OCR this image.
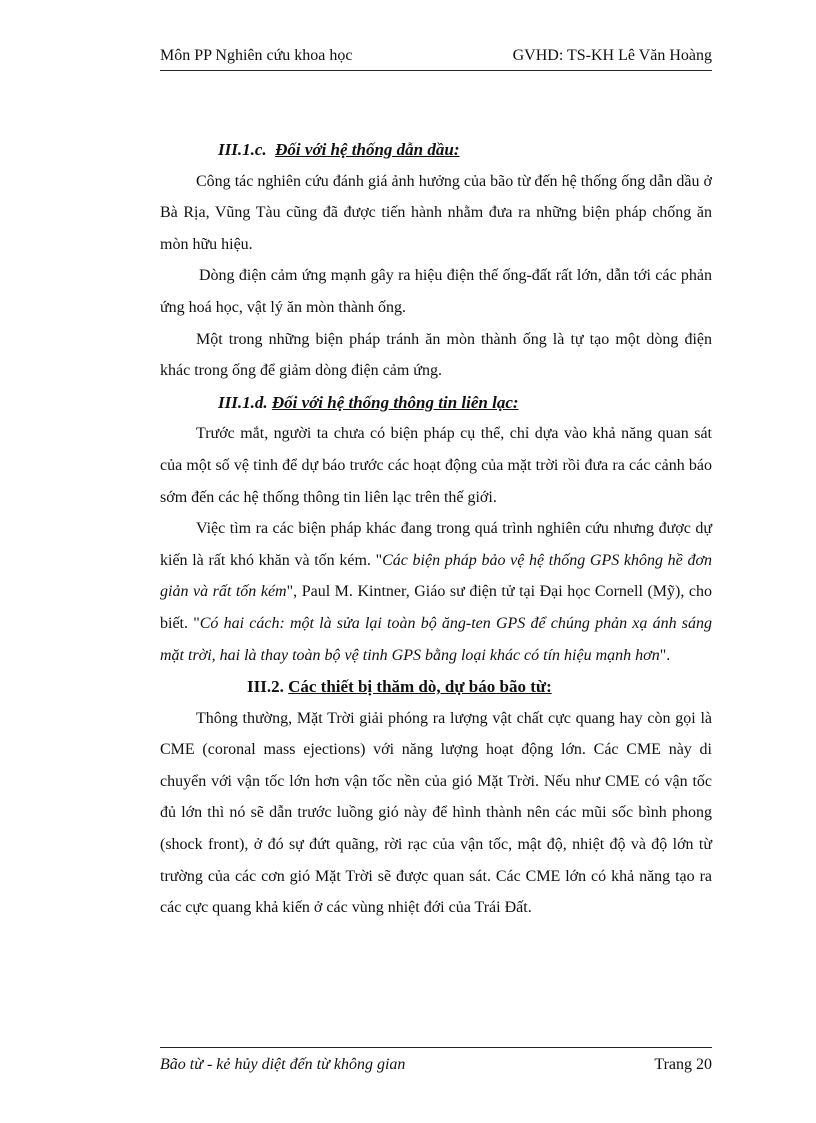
Môn PP Nghiên cứu khoa học	GVHD: TS-KH Lê Văn Hoàng

III.1.c. Đối với hệ thống dẫn dầu:

Công tác nghiên cứu đánh giá ảnh hưởng của bão từ đến hệ thống ống dẫn dầu ở Bà Rịa, Vũng Tàu cũng đã được tiến hành nhằm đưa ra những biện pháp chống ăn mòn hữu hiệu.

Dòng điện cảm ứng mạnh gây ra hiệu điện thế ống-đất rất lớn, dẫn tới các phản ứng hoá học, vật lý ăn mòn thành ống.

Một trong những biện pháp tránh ăn mòn thành ống là tự tạo một dòng điện khác trong ống để giảm dòng điện cảm ứng.

III.1.d. Đối với hệ thống thông tin liên lạc:

Trước mắt, người ta chưa có biện pháp cụ thể, chỉ dựa vào khả năng quan sát của một số vệ tinh để dự báo trước các hoạt động của mặt trời rồi đưa ra các cảnh báo sớm đến các hệ thống thông tin liên lạc trên thế giới.

Việc tìm ra các biện pháp khác đang trong quá trình nghiên cứu nhưng được dự kiến là rất khó khăn và tốn kém. "Các biện pháp bảo vệ hệ thống GPS không hề đơn giản và rất tốn kém", Paul M. Kintner, Giáo sư điện tử tại Đại học Cornell (Mỹ), cho biết. "Có hai cách: một là sửa lại toàn bộ ăng-ten GPS để chúng phản xạ ánh sáng mặt trời, hai là thay toàn bộ vệ tinh GPS bằng loại khác có tín hiệu mạnh hơn".

III.2. Các thiết bị thăm dò, dự báo bão từ:

Thông thường, Mặt Trời giải phóng ra lượng vật chất cực quang hay còn gọi là CME (coronal mass ejections) với năng lượng hoạt động lớn. Các CME này di chuyển với vận tốc lớn hơn vận tốc nền của gió Mặt Trời. Nếu như CME có vận tốc đủ lớn thì nó sẽ dẫn trước luồng gió này để hình thành nên các mũi sốc bình phong (shock front), ở đó sự đứt quãng, rời rạc của vận tốc, mật độ, nhiệt độ và độ lớn từ trường của các cơn gió Mặt Trời sẽ được quan sát. Các CME lớn có khả năng tạo ra các cực quang khả kiến ở các vùng nhiệt đới của Trái Đất.

Bão từ - kẻ hủy diệt đến từ không gian	Trang 20
